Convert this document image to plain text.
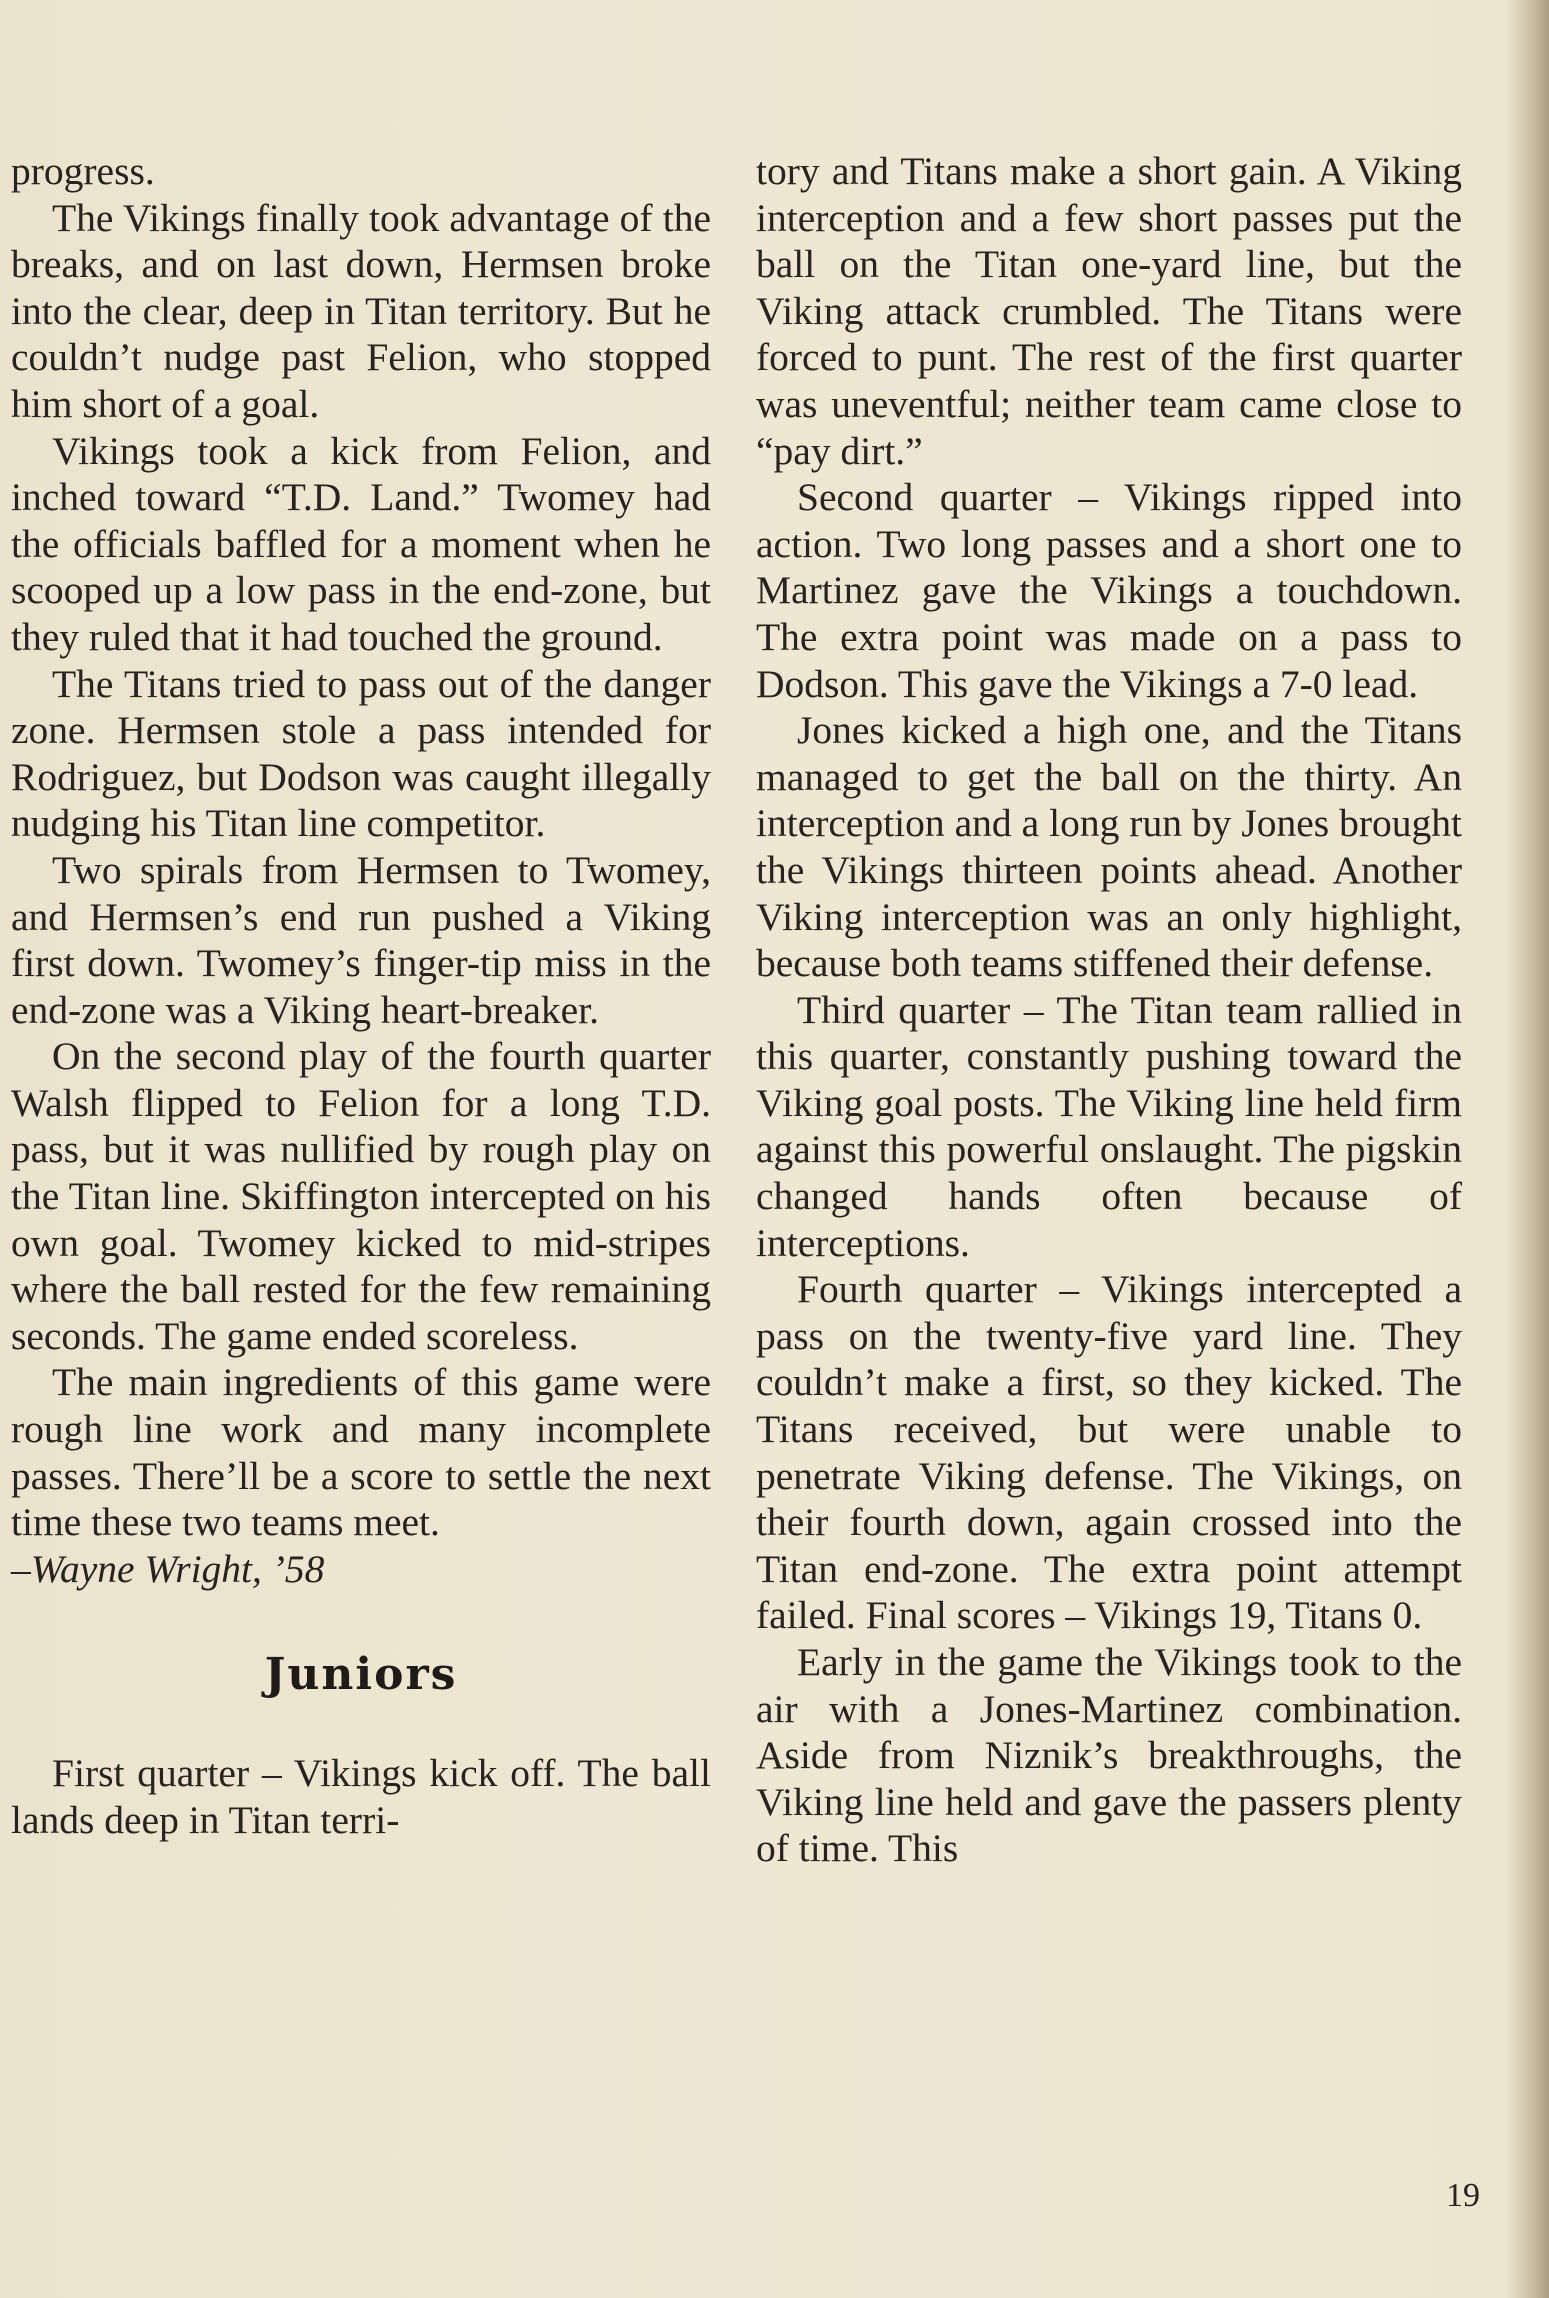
progress.

The Vikings finally took advantage of the breaks, and on last down, Hermsen broke into the clear, deep in Titan territory. But he couldn’t nudge past Felion, who stopped him short of a goal.

Vikings took a kick from Felion, and inched toward “T.D. Land.” Twomey had the officials baffled for a moment when he scooped up a low pass in the end-zone, but they ruled that it had touched the ground.

The Titans tried to pass out of the danger zone. Hermsen stole a pass intended for Rodriguez, but Dodson was caught illegally nudging his Titan line competitor.

Two spirals from Hermsen to Twomey, and Hermsen’s end run pushed a Viking first down. Twomey’s finger-tip miss in the end-zone was a Viking heart-breaker.

On the second play of the fourth quarter Walsh flipped to Felion for a long T.D. pass, but it was nullified by rough play on the Titan line. Skiffington intercepted on his own goal. Twomey kicked to mid-stripes where the ball rested for the few remaining seconds. The game ended scoreless.

The main ingredients of this game were rough line work and many incomplete passes. There’ll be a score to settle the next time these two teams meet.

–Wayne Wright, ’58

Juniors

First quarter – Vikings kick off. The ball lands deep in Titan terri-

tory and Titans make a short gain. A Viking interception and a few short passes put the ball on the Titan one-yard line, but the Viking attack crumbled. The Titans were forced to punt. The rest of the first quarter was uneventful; neither team came close to “pay dirt.”

Second quarter – Vikings ripped into action. Two long passes and a short one to Martinez gave the Vikings a touchdown. The extra point was made on a pass to Dodson. This gave the Vikings a 7-0 lead.

Jones kicked a high one, and the Titans managed to get the ball on the thirty. An interception and a long run by Jones brought the Vikings thirteen points ahead. Another Viking interception was an only highlight, because both teams stiffened their defense.

Third quarter – The Titan team rallied in this quarter, constantly pushing toward the Viking goal posts. The Viking line held firm against this powerful onslaught. The pigskin changed hands often because of interceptions.

Fourth quarter – Vikings intercepted a pass on the twenty-five yard line. They couldn’t make a first, so they kicked. The Titans received, but were unable to penetrate Viking defense. The Vikings, on their fourth down, again crossed into the Titan end-zone. The extra point attempt failed. Final scores – Vikings 19, Titans 0.

Early in the game the Vikings took to the air with a Jones-Martinez combination. Aside from Niznik’s breakthroughs, the Viking line held and gave the passers plenty of time. This

19
